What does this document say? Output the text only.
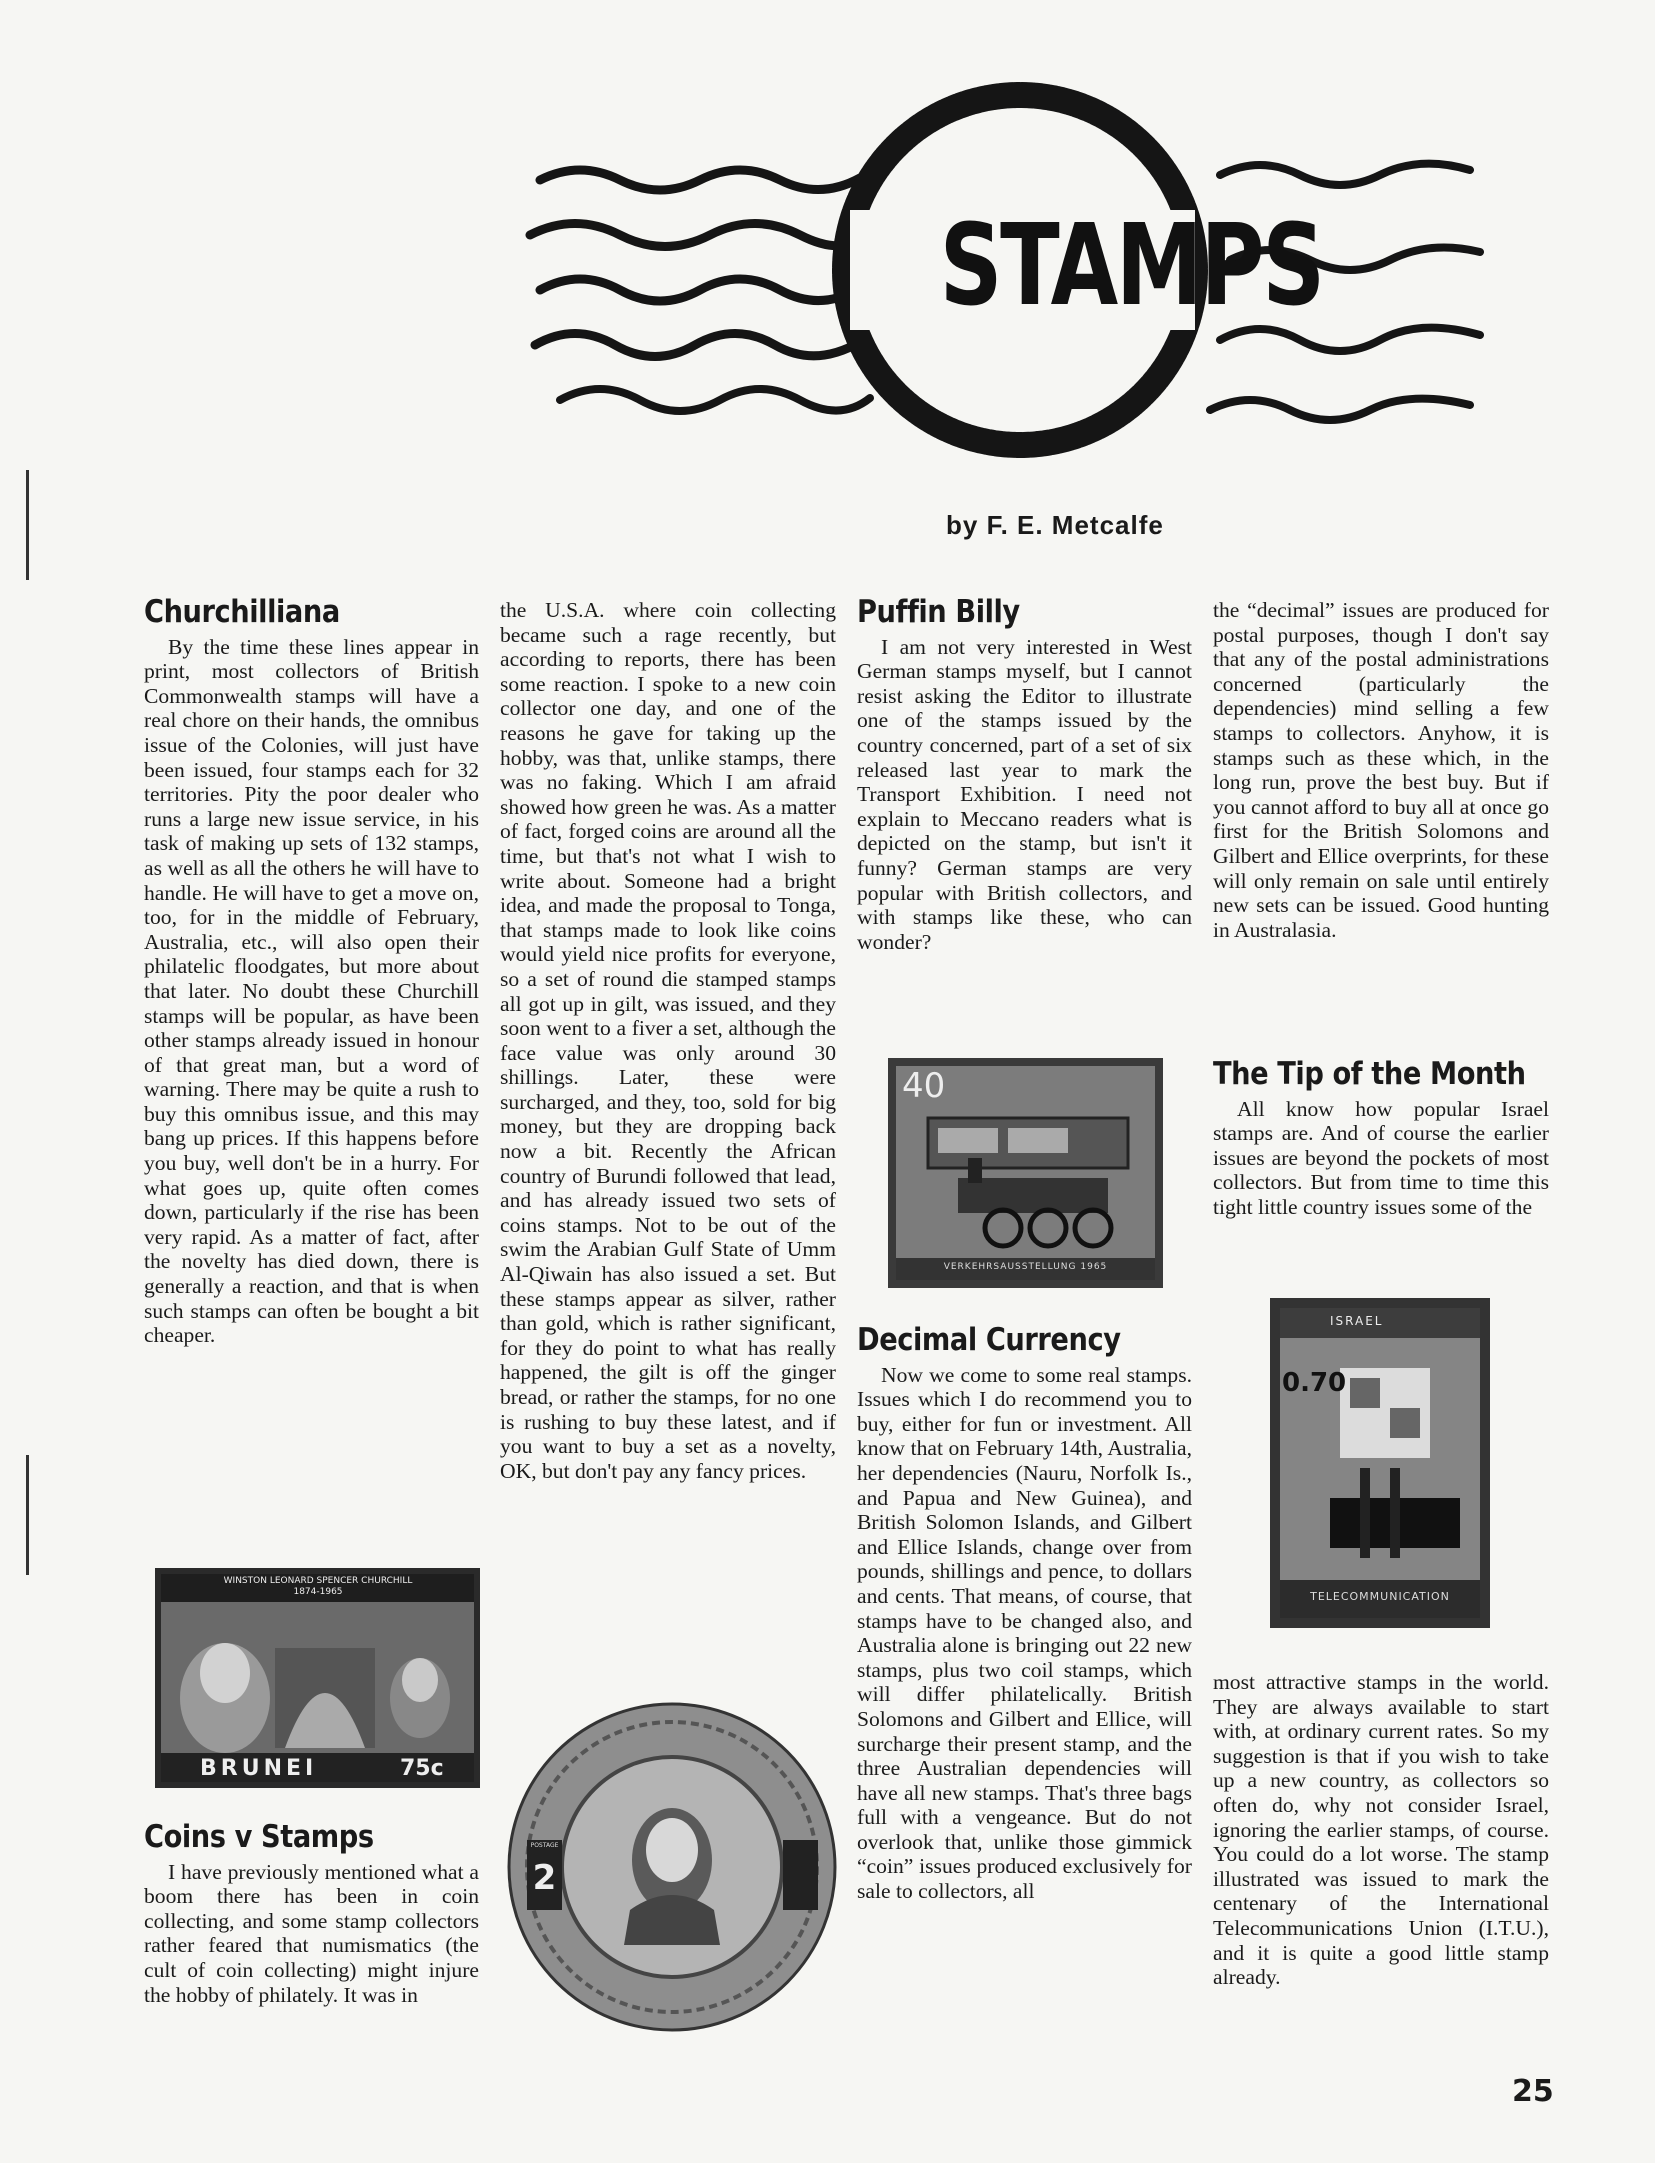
STAMPS
by F. E. Metcalfe
Churchilliana

By the time these lines appear in print, most collectors of British Commonwealth stamps will have a real chore on their hands, the omnibus issue of the Colonies, will just have been issued, four stamps each for 32 territories. Pity the poor dealer who runs a large new issue service, in his task of making up sets of 132 stamps, as well as all the others he will have to handle. He will have to get a move on, too, for in the middle of February, Australia, etc., will also open their philatelic floodgates, but more about that later. No doubt these Churchill stamps will be popular, as have been other stamps already issued in honour of that great man, but a word of warning. There may be quite a rush to buy this omnibus issue, and this may bang up prices. If this happens before you buy, well don't be in a hurry. For what goes up, quite often comes down, particularly if the rise has been very rapid. As a matter of fact, after the novelty has died down, there is generally a reaction, and that is when such stamps can often be bought a bit cheaper.

WINSTON LEONARD SPENCER CHURCHILL
1874-1965
BRUNEI	75c
Coins v Stamps

I have previously mentioned what a boom there has been in coin collecting, and some stamp collectors rather feared that numismatics (the cult of coin collecting) might injure the hobby of philately. It was in

the U.S.A. where coin collecting became such a rage recently, but according to reports, there has been some reaction. I spoke to a new coin collector one day, and one of the reasons he gave for taking up the hobby, was that, unlike stamps, there was no faking. Which I am afraid showed how green he was. As a matter of fact, forged coins are around all the time, but that's not what I wish to write about. Someone had a bright idea, and made the proposal to Tonga, that stamps made to look like coins would yield nice profits for everyone, so a set of round die stamped stamps all got up in gilt, was issued, and they soon went to a fiver a set, although the face value was only around 30 shillings. Later, these were surcharged, and they, too, sold for big money, but they are dropping back now a bit. Recently the African country of Burundi followed that lead, and has already issued two sets of coins stamps. Not to be out of the swim the Arabian Gulf State of Umm Al-Qiwain has also issued a set. But these stamps appear as silver, rather than gold, which is rather significant, for they do point to what has really happened, the gilt is off the ginger bread, or rather the stamps, for no one is rushing to buy these latest, and if you want to buy a set as a novelty, OK, but don't pay any fancy prices.

POSTAGE
2
Puffin Billy

I am not very interested in West German stamps myself, but I cannot resist asking the Editor to illustrate one of the stamps issued by the country concerned, part of a set of six released last year to mark the Transport Exhibition. I need not explain to Meccano readers what is depicted on the stamp, but isn't it funny? German stamps are very popular with British collectors, and with stamps like these, who can wonder?

40
VERKEHRSAUSSTELLUNG 1965
Decimal Currency

Now we come to some real stamps. Issues which I do recommend you to buy, either for fun or investment. All know that on February 14th, Australia, her dependencies (Nauru, Norfolk Is., and Papua and New Guinea), and British Solomon Islands, and Gilbert and Ellice Islands, change over from pounds, shillings and pence, to dollars and cents. That means, of course, that stamps have to be changed also, and Australia alone is bringing out 22 new stamps, plus two coil stamps, which will differ philatelically. British Solomons and Gilbert and Ellice, will surcharge their present stamp, and the three Australian dependencies will have all new stamps. That's three bags full with a vengeance. But do not overlook that, unlike those gimmick “coin” issues produced exclusively for sale to collectors, all

the “decimal” issues are produced for postal purposes, though I don't say that any of the postal administrations concerned (particularly the dependencies) mind selling a few stamps to collectors. Anyhow, it is stamps such as these which, in the long run, prove the best buy. But if you cannot afford to buy all at once go first for the British Solomons and Gilbert and Ellice overprints, for these will only remain on sale until entirely new sets can be issued. Good hunting in Australasia.

The Tip of the Month

All know how popular Israel stamps are. And of course the earlier issues are beyond the pockets of most collectors. But from time to time this tight little country issues some of the

ISRAEL
0.70
TELECOMMUNICATION

most attractive stamps in the world. They are always available to start with, at ordinary current rates. So my suggestion is that if you wish to take up a new country, as collectors so often do, why not consider Israel, ignoring the earlier stamps, of course. You could do a lot worse. The stamp illustrated was issued to mark the centenary of the International Telecommunications Union (I.T.U.), and it is quite a good little stamp already.

25
